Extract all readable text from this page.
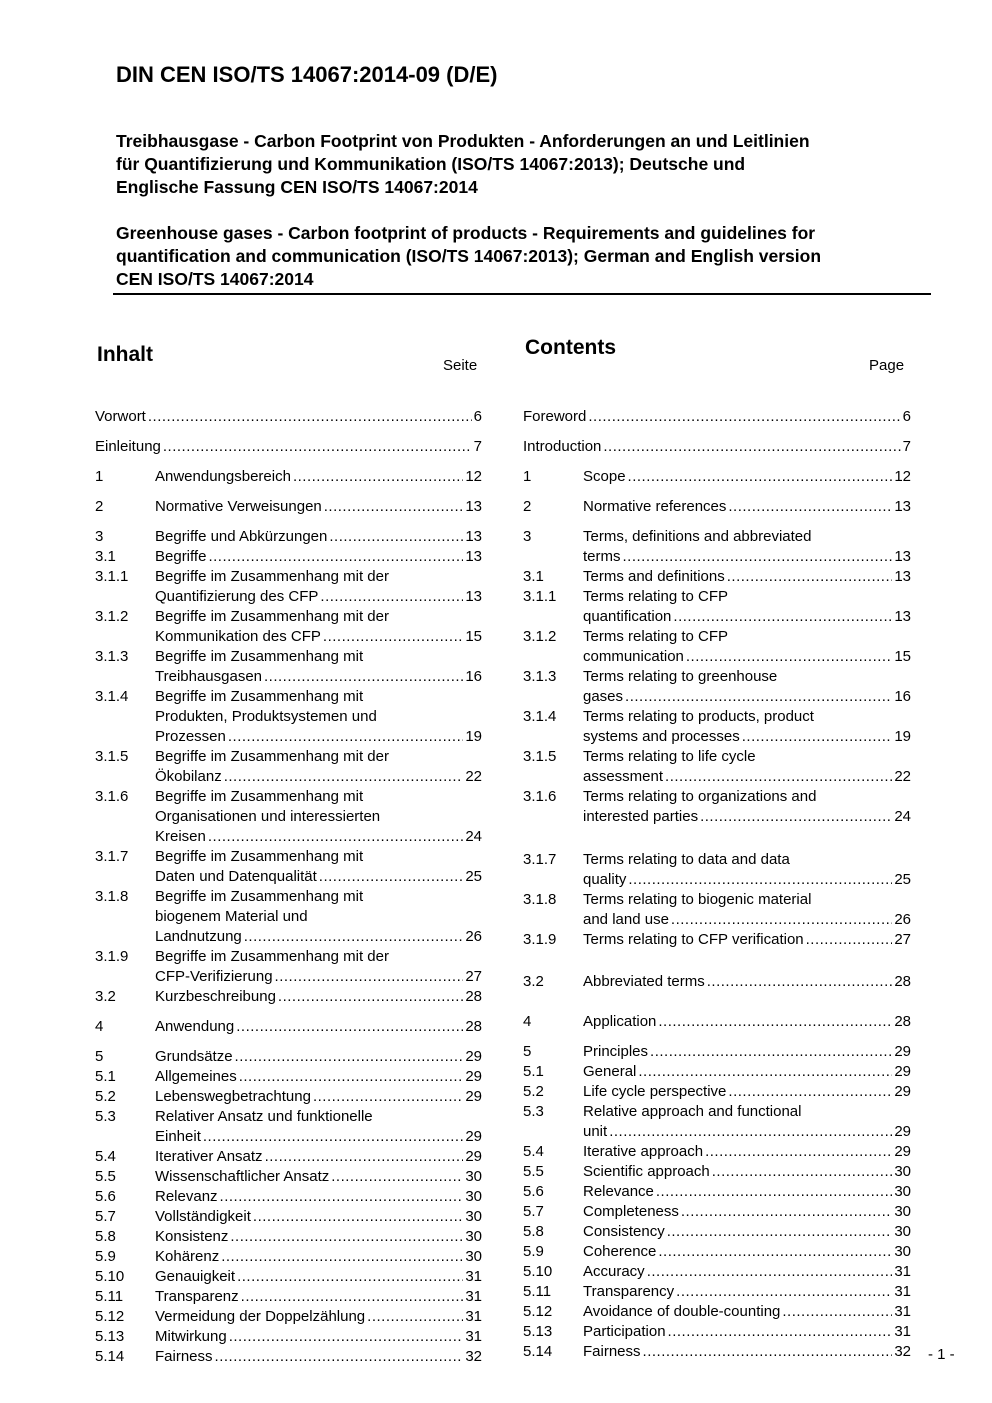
DIN CEN ISO/TS 14067:2014-09 (D/E)
Treibhausgase - Carbon Footprint von Produkten - Anforderungen an und Leitlinien
für Quantifizierung und Kommunikation (ISO/TS 14067:2013); Deutsche und
Englische Fassung CEN ISO/TS 14067:2014
Greenhouse gases - Carbon footprint of products - Requirements and guidelines for
quantification and communication (ISO/TS 14067:2013); German and English version
CEN ISO/TS 14067:2014
Inhalt	Seite
Contents
Page
Vorwort .....	6
Einleitung .....	7
1	Anwendungsbereich .....	12
2	Normative Verweisungen .....	13
3	Begriffe und Abkürzungen .....	13
3.1	Begriffe .....	13
3.1.1 Begriffe im Zusammenhang mit der
Quantifizierung des CFP .....	13
3.1.2 Begriffe im Zusammenhang mit der
Kommunikation des CFP .....	15
3.1.3 Begriffe im Zusammenhang mit
Treibhausgasen .....	16
3.1.4 Begriffe im Zusammenhang mit
Produkten, Produktsystemen und
Prozessen .....	19
3.1.5 Begriffe im Zusammenhang mit der
Ökobilanz .....	22
3.1.6 Begriffe im Zusammenhang mit
Organisationen und interessierten
Kreisen .....	24
3.1.7 Begriffe im Zusammenhang mit
Daten und Datenqualität .....	25
3.1.8 Begriffe im Zusammenhang mit
biogenem Material und
Landnutzung .....	26
3.1.9 Begriffe im Zusammenhang mit der
CFP-Verifizierung .....	27
3.2	Kurzbeschreibung .....	28
4	Anwendung .....	28
5	Grundsätze .....	29
5.1	Allgemeines .....	29
5.2	Lebenswegbetrachtung .....	29
5.3	Relativer Ansatz und funktionelle
Einheit .....	29
5.4	Iterativer Ansatz .....	29
5.5	Wissenschaftlicher Ansatz .....	30
5.6	Relevanz .....	30
5.7	Vollständigkeit .....	30
5.8	Konsistenz .....	30
5.9	Kohärenz .....	30
5.10 Genauigkeit .....	31
5.11 Transparenz .....	31
5.12 Vermeidung der Doppelzählung .....	31
5.13 Mitwirkung .....	31
5.14 Fairness .....	32
Foreword .....	6
Introduction .....	7
1	Scope .....	12
2	Normative references .....	13
3	Terms, definitions and abbreviated
terms .....	13
3.1	Terms and definitions .....	13
3.1.1 Terms relating to CFP
quantification .....	13
3.1.2 Terms relating to CFP
communication .....	15
3.1.3 Terms relating to greenhouse
gases .....	16
3.1.4 Terms relating to products, product
systems and processes .....	19
3.1.5 Terms relating to life cycle
assessment .....	22
3.1.6 Terms relating to organizations and
interested parties .....	24
3.1.7 Terms relating to data and data
quality .....	25
3.1.8 Terms relating to biogenic material
and land use .....	26
3.1.9 Terms relating to CFP verification .....	27
3.2	Abbreviated terms .....	28
4	Application .....	28
5	Principles .....	29
5.1	General .....	29
5.2	Life cycle perspective .....	29
5.3	Relative approach and functional
unit .....	29
5.4	Iterative approach .....	29
5.5	Scientific approach .....	30
5.6	Relevance .....	30
5.7	Completeness .....	30
5.8	Consistency .....	30
5.9	Coherence .....	30
5.10 Accuracy .....	31
5.11 Transparency .....	31
5.12 Avoidance of double-counting .....	31
5.13 Participation .....	31
5.14 Fairness .....	32 - 1 -
